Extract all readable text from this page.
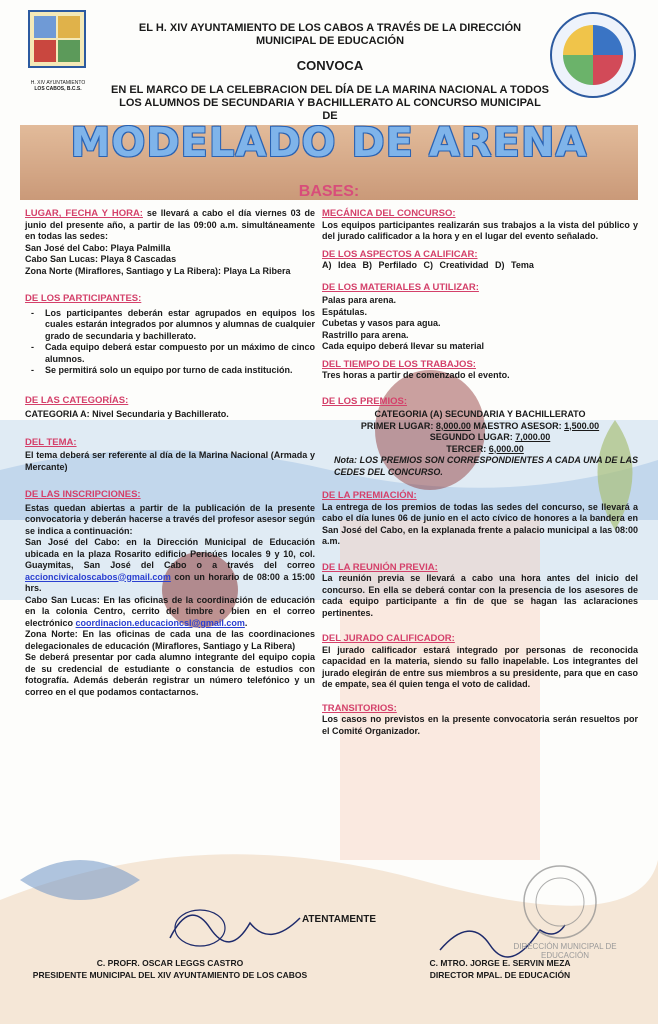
H. XIV AYUNTAMIENTO
LOS CABOS, B.C.S.
EL H. XIV AYUNTAMIENTO DE LOS CABOS A TRAVÉS DE LA DIRECCIÓN
MUNICIPAL DE EDUCACIÓN
CONVOCA
EN EL MARCO DE LA CELEBRACION DEL DÍA DE LA MARINA NACIONAL A TODOS
LOS ALUMNOS DE SECUNDARIA Y BACHILLERATO AL CONCURSO MUNICIPAL
DE
MODELADO DE ARENA
BASES:
LUGAR, FECHA Y HORA: se llevará a cabo el día viernes 03 de junio del presente año, a partir de las 09:00 a.m. simultáneamente en todas las sedes:
San José del Cabo: Playa Palmilla
Cabo San Lucas: Playa 8 Cascadas
Zona Norte (Miraflores, Santiago y La Ribera): Playa La Ribera
DE LOS PARTICIPANTES:
- Los participantes deberán estar agrupados en equipos los cuales estarán integrados por alumnos y alumnas de cualquier grado de secundaria y bachillerato.
- Cada equipo deberá estar compuesto por un máximo de cinco alumnos.
- Se permitirá solo un equipo por turno de cada institución.
DE LAS CATEGORÍAS:
CATEGORIA A: Nivel Secundaria y Bachillerato.
DEL TEMA:
El tema deberá ser referente al día de la Marina Nacional (Armada y Mercante)
DE LAS INSCRIPCIONES:
Estas quedan abiertas a partir de la publicación de la presente convocatoria y deberán hacerse a través del profesor asesor según se indica a continuación:
San José del Cabo: en la Dirección Municipal de Educación ubicada en la plaza Rosarito edificio Pericúes locales 9 y 10, col. Guaymitas, San José del Cabo o a través del correo accioncivicaloscabos@gmail.com con un horario de 08:00 a 15:00 hrs.
Cabo San Lucas: En las oficinas de la coordinación de educación en la colonia Centro, cerrito del timbre o bien en el correo electrónico coordinacion.educacioncsl@gmail.com.
Zona Norte: En las oficinas de cada una de las coordinaciones delegacionales de educación (Miraflores, Santiago y La Ribera)
Se deberá presentar por cada alumno integrante del equipo copia de su credencial de estudiante o constancia de estudios con fotografía. Además deberán registrar un número telefónico y un correo en el que podamos contactarnos.
MECÁNICA DEL CONCURSO:
Los equipos participantes realizarán sus trabajos a la vista del público y del jurado calificador a la hora y en el lugar del evento señalado.
DE LOS ASPECTOS A CALIFICAR:
A) Idea B) Perfilado C) Creatividad D) Tema
DE LOS MATERIALES A UTILIZAR:
Palas para arena.
Espátulas.
Cubetas y vasos para agua.
Rastrillo para arena.
Cada equipo deberá llevar su material
DEL TIEMPO DE LOS TRABAJOS:
Tres horas a partir de comenzado el evento.
DE LOS PREMIOS:
CATEGORIA (A) SECUNDARIA Y BACHILLERATO
PRIMER LUGAR: 8,000.00 MAESTRO ASESOR: 1,500.00
SEGUNDO LUGAR: 7,000.00
TERCER: 6,000.00
Nota: LOS PREMIOS SON CORRESPONDIENTES A CADA UNA DE LAS CEDES DEL CONCURSO.
DE LA PREMIACIÓN:
La entrega de los premios de todas las sedes del concurso, se llevará a cabo el día lunes 06 de junio en el acto cívico de honores a la bandera en San José del Cabo, en la explanada frente a palacio municipal a las 08:00 a.m.
DE LA REUNIÓN PREVIA:
La reunión previa se llevará a cabo una hora antes del inicio del concurso. En ella se deberá contar con la presencia de los asesores de cada equipo participante a fin de que se hagan las aclaraciones pertinentes.
DEL JURADO CALIFICADOR:
El jurado calificador estará integrado por personas de reconocida capacidad en la materia, siendo su fallo inapelable. Los integrantes del jurado elegirán de entre sus miembros a su presidente, para que en caso de empate, sea él quien tenga el voto de calidad.
TRANSITORIOS:
Los casos no previstos en la presente convocatoria serán resueltos por el Comité Organizador.
ATENTAMENTE
DIRECCIÓN MUNICIPAL DE EDUCACIÓN
C. PROFR. OSCAR LEGGS CASTRO
PRESIDENTE MUNICIPAL DEL XIV AYUNTAMIENTO DE LOS CABOS
C. MTRO. JORGE E. SERVIN MEZA
DIRECTOR MPAL. DE EDUCACIÓN
